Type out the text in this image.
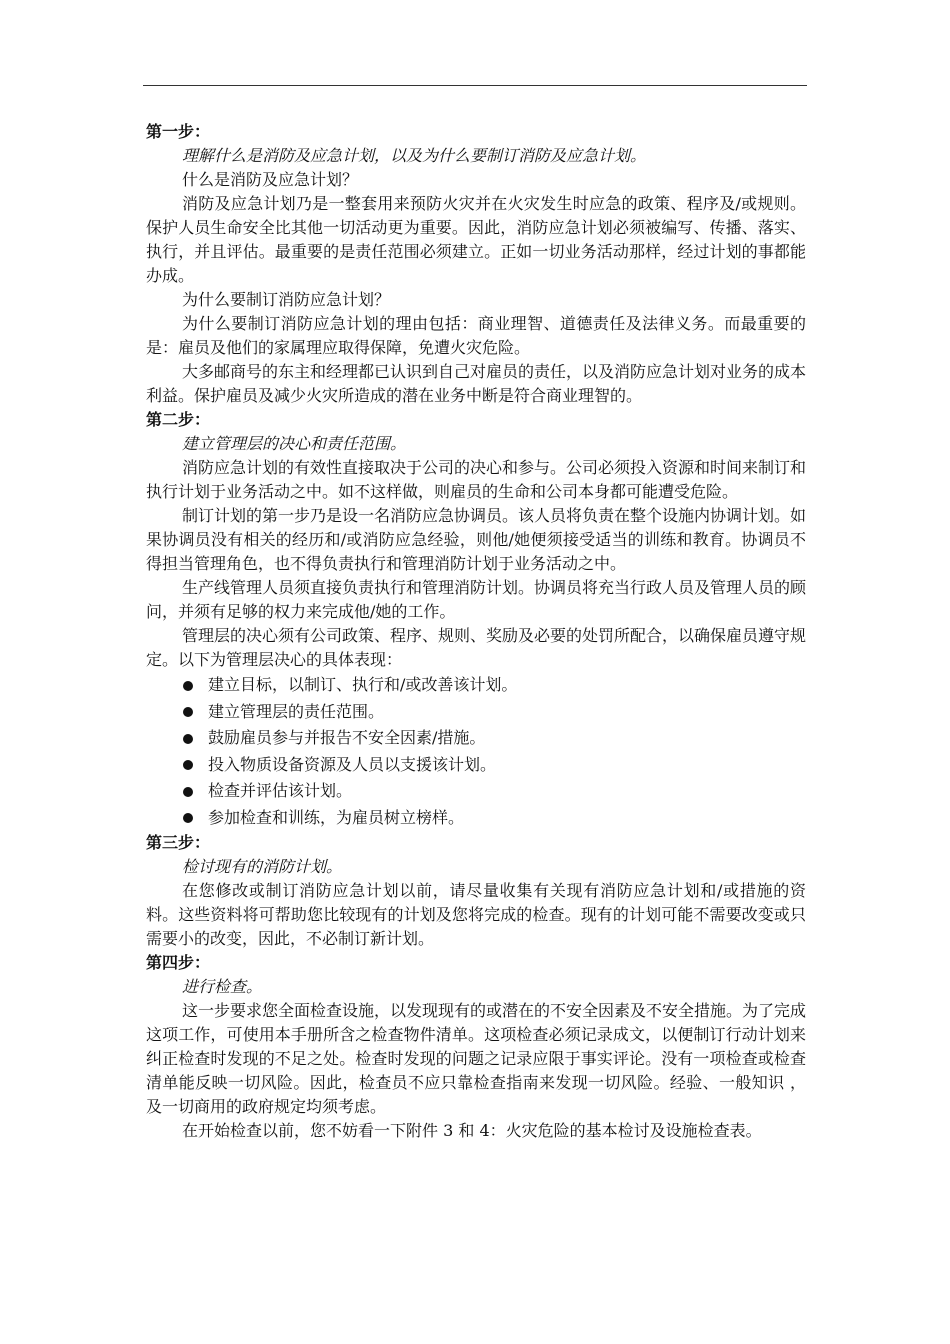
第一步：

理解什么是消防及应急计划，以及为什么要制订消防及应急计划。

什么是消防及应急计划？

消防及应急计划乃是一整套用来预防火灾并在火灾发生时应急的政策、程序及/或规则。保护人员生命安全比其他一切活动更为重要。因此，消防应急计划必须被编写、传播、落实、执行，并且评估。最重要的是责任范围必须建立。正如一切业务活动那样，经过计划的事都能办成。

为什么要制订消防应急计划？

为什么要制订消防应急计划的理由包括：商业理智、道德责任及法律义务。而最重要的是：雇员及他们的家属理应取得保障，免遭火灾危险。

大多邮商号的东主和经理都已认识到自己对雇员的责任，以及消防应急计划对业务的成本利益。保护雇员及减少火灾所造成的潜在业务中断是符合商业理智的。

第二步：

建立管理层的决心和责任范围。

消防应急计划的有效性直接取决于公司的决心和参与。公司必须投入资源和时间来制订和执行计划于业务活动之中。如不这样做，则雇员的生命和公司本身都可能遭受危险。

制订计划的第一步乃是设一名消防应急协调员。该人员将负责在整个设施内协调计划。如果协调员没有相关的经历和/或消防应急经验，则他/她便须接受适当的训练和教育。协调员不得担当管理角色，也不得负责执行和管理消防计划于业务活动之中。

生产线管理人员须直接负责执行和管理消防计划。协调员将充当行政人员及管理人员的顾问，并须有足够的权力来完成他/她的工作。

管理层的决心须有公司政策、程序、规则、奖励及必要的处罚所配合，以确保雇员遵守规定。以下为管理层决心的具体表现：

建立目标，以制订、执行和/或改善该计划。
建立管理层的责任范围。
鼓励雇员参与并报告不安全因素/措施。
投入物质设备资源及人员以支援该计划。
检查并评估该计划。
参加检查和训练，为雇员树立榜样。

第三步：

检讨现有的消防计划。

在您修改或制订消防应急计划以前，请尽量收集有关现有消防应急计划和/或措施的资料。这些资料将可帮助您比较现有的计划及您将完成的检查。现有的计划可能不需要改变或只需要小的改变，因此，不必制订新计划。

第四步：

进行检查。

这一步要求您全面检查设施，以发现现有的或潜在的不安全因素及不安全措施。为了完成这项工作，可使用本手册所含之检查物件清单。这项检查必须记录成文，以便制订行动计划来纠正检查时发现的不足之处。检查时发现的问题之记录应限于事实评论。没有一项检查或检查清单能反映一切风险。因此，检查员不应只靠检查指南来发现一切风险。经验、一般知识 ，及一切商用的政府规定均须考虑。

在开始检查以前，您不妨看一下附件 3 和 4：火灾危险的基本检讨及设施检查表。
